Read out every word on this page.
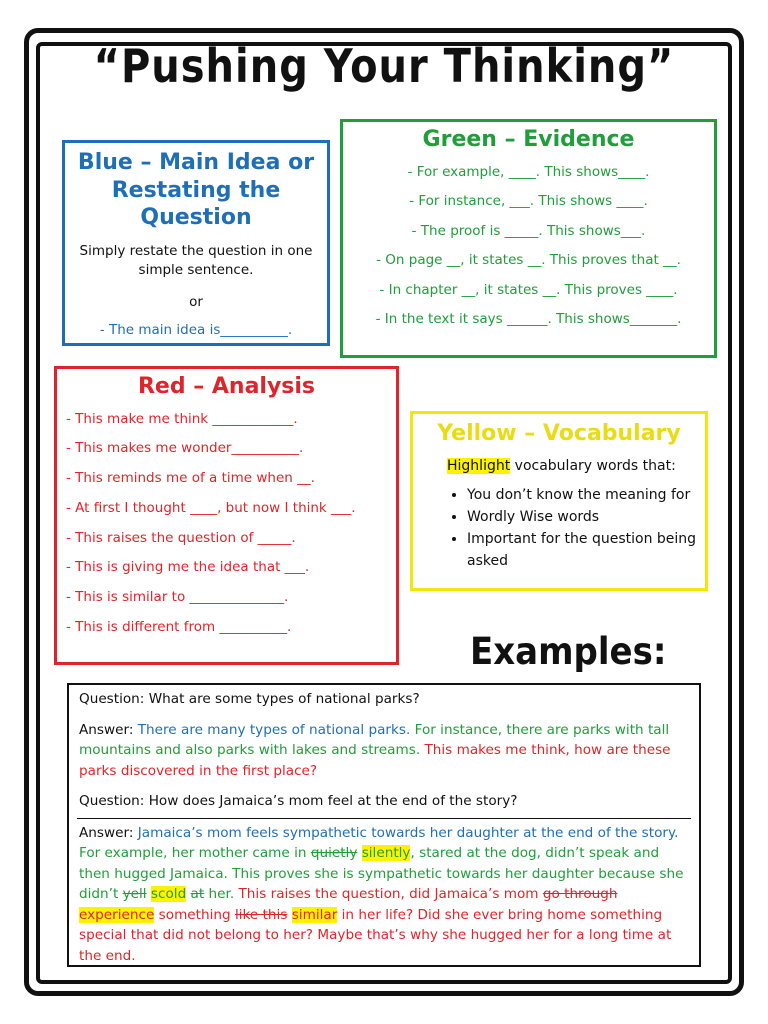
“Pushing Your Thinking”
Blue – Main Idea or Restating the Question

Simply restate the question in one simple sentence.

or

- The main idea is__________.

Green – Evidence

- For example, ____. This shows____.

- For instance, ___. This shows ____.

- The proof is _____. This shows___.

- On page __, it states __. This proves that __.

- In chapter __, it states __. This proves ____.

- In the text it says ______. This shows_______.

Red – Analysis

- This make me think ____________.

- This makes me wonder__________.

- This reminds me of a time when __.

- At first I thought ____, but now I think ___.

- This raises the question of _____.

- This is giving me the idea that ___.

- This is similar to ______________.

- This is different from __________.

Yellow – Vocabulary

Highlight vocabulary words that:

• You don’t know the meaning for
• Wordly Wise words
• Important for the question being asked
Examples:

Question: What are some types of national parks?

Answer: There are many types of national parks. For instance, there are parks with tall mountains and also parks with lakes and streams. This makes me think, how are these parks discovered in the first place?

Question: How does Jamaica’s mom feel at the end of the story?

Answer: Jamaica’s mom feels sympathetic towards her daughter at the end of the story. For example, her mother came in quietly silently, stared at the dog, didn’t speak and then hugged Jamaica. This proves she is sympathetic towards her daughter because she didn’t yell scold at her. This raises the question, did Jamaica’s mom go through experience something like this similar in her life? Did she ever bring home something special that did not belong to her? Maybe that’s why she hugged her for a long time at the end.
